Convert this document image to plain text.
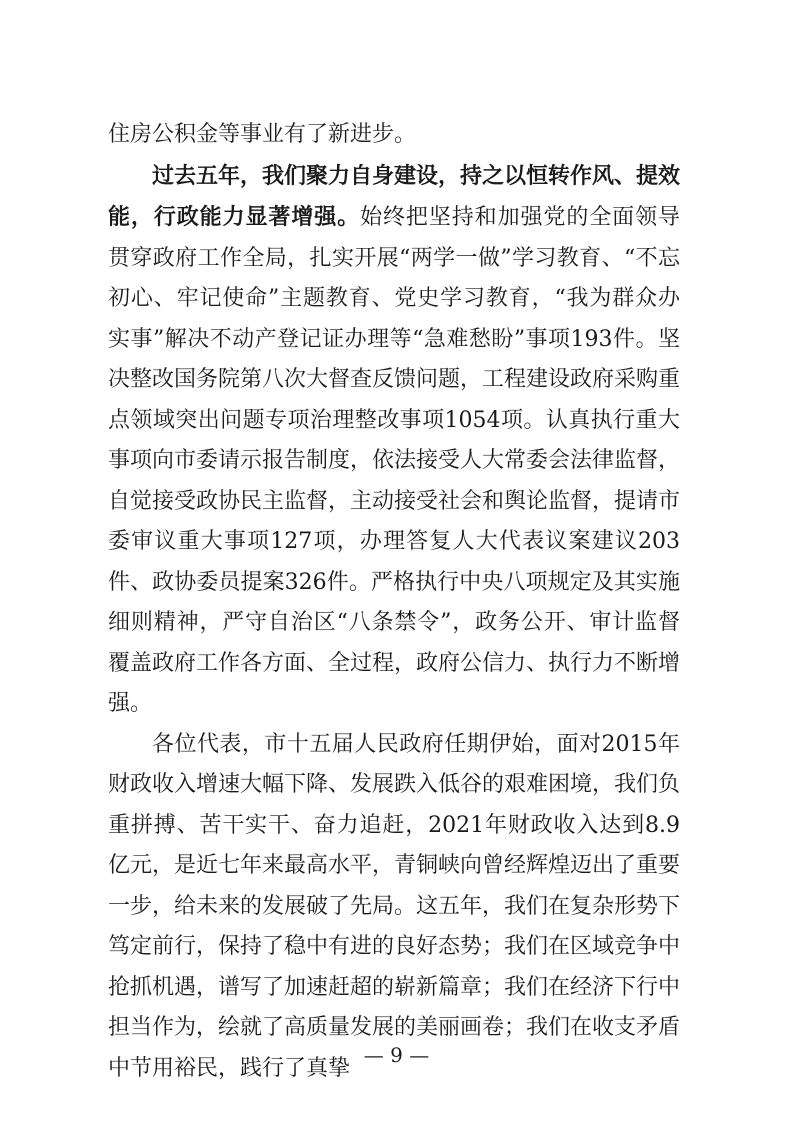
住房公积金等事业有了新进步。

过去五年，我们聚力自身建设，持之以恒转作风、提效能，行政能力显著增强。始终把坚持和加强党的全面领导贯穿政府工作全局，扎实开展“两学一做”学习教育、“不忘初心、牢记使命”主题教育、党史学习教育，“我为群众办实事”解决不动产登记证办理等“急难愁盼”事项193件。坚决整改国务院第八次大督查反馈问题，工程建设政府采购重点领域突出问题专项治理整改事项1054项。认真执行重大事项向市委请示报告制度，依法接受人大常委会法律监督，自觉接受政协民主监督，主动接受社会和舆论监督，提请市委审议重大事项127项，办理答复人大代表议案建议203件、政协委员提案326件。严格执行中央八项规定及其实施细则精神，严守自治区“八条禁令”，政务公开、审计监督覆盖政府工作各方面、全过程，政府公信力、执行力不断增强。

各位代表，市十五届人民政府任期伊始，面对2015年财政收入增速大幅下降、发展跌入低谷的艰难困境，我们负重拼搏、苦干实干、奋力追赶，2021年财政收入达到8.9亿元，是近七年来最高水平，青铜峡向曾经辉煌迈出了重要一步，给未来的发展破了先局。这五年，我们在复杂形势下笃定前行，保持了稳中有进的良好态势；我们在区域竞争中抢抓机遇，谱写了加速赶超的崭新篇章；我们在经济下行中担当作为，绘就了高质量发展的美丽画卷；我们在收支矛盾中节用裕民，践行了真挚

— 9 —
